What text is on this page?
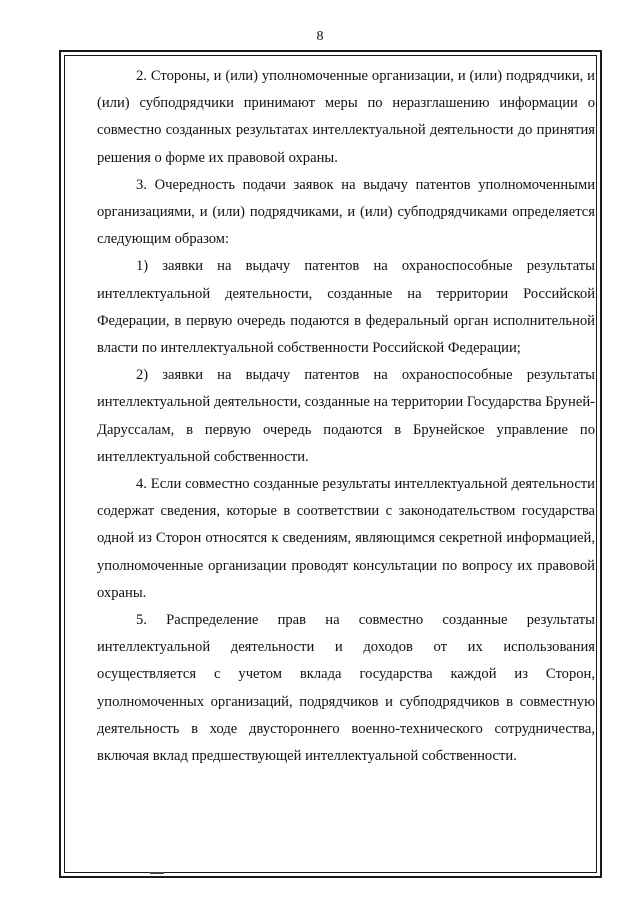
8

2. Стороны, и (или) уполномоченные организации, и (или) подрядчики, и (или) субподрядчики принимают меры по неразглашению информации о совместно созданных результатах интеллектуальной деятельности до принятия решения о форме их правовой охраны.

3. Очередность подачи заявок на выдачу патентов уполномоченными организациями, и (или) подрядчиками, и (или) субподрядчиками определяется следующим образом:

1) заявки на выдачу патентов на охраноспособные результаты интеллектуальной деятельности, созданные на территории Российской Федерации, в первую очередь подаются в федеральный орган исполнительной власти по интеллектуальной собственности Российской Федерации;

2) заявки на выдачу патентов на охраноспособные результаты интеллектуальной деятельности, созданные на территории Государства Бруней-Даруссалам, в первую очередь подаются в Брунейское управление по интеллектуальной собственности.

4. Если совместно созданные результаты интеллектуальной деятельности содержат сведения, которые в соответствии с законодательством государства одной из Сторон относятся к сведениям, являющимся секретной информацией, уполномоченные организации проводят консультации по вопросу их правовой охраны.

5. Распределение прав на совместно созданные результаты интеллектуальной деятельности и доходов от их использования осуществляется с учетом вклада государства каждой из Сторон, уполномоченных организаций, подрядчиков и субподрядчиков в совместную деятельность в ходе двустороннего военно-технического сотрудничества, включая вклад предшествующей интеллектуальной собственности.
